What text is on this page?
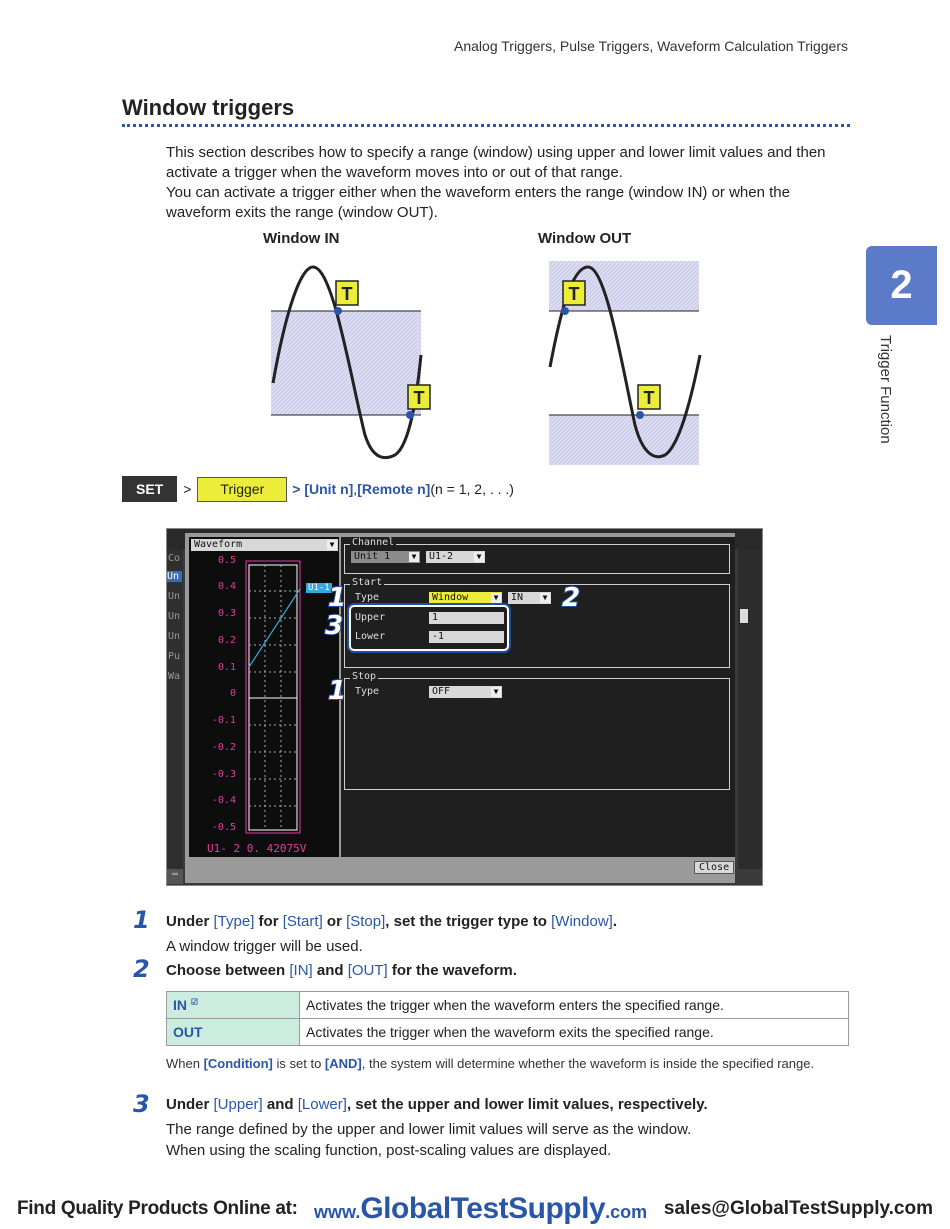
Analog Triggers, Pulse Triggers, Waveform Calculation Triggers
Window triggers
This section describes how to specify a range (window) using upper and lower limit values and then
activate a trigger when the waveform moves into or out of that range.
You can activate a trigger either when the waveform enters the range (window IN) or when the
waveform exits the range (window OUT).
2
Trigger Function
Window IN	Window OUT
T
T
T
T
SET	>	Trigger	> [Unit n] , [Remote n] (n = 1, 2, . . .)
Co
Un
Un
Un
Un
Pu
Wa
Waveform	▼
0.5
0.4
0.3
0.2
0.1
0
-0.1
-0.2
-0.3
-0.4
-0.5
U1-1
U1- 2 0. 42075V
Channel
Unit 1	▼	U1-2	▼
Start
Type	Window	▼	IN	▼
Upper	1
Lower	-1
Stop
Type	OFF	▼
1	2
3
1
Close
▭
1 Under [Type] for [Start] or [Stop], set the trigger type to [Window].
A window trigger will be used.
2 Choose between [IN] and [OUT] for the waveform.
IN ☑	Activates the trigger when the waveform enters the specified range.
OUT	Activates the trigger when the waveform exits the specified range.
When [Condition] is set to [AND], the system will determine whether the waveform is inside the specified range.
3 Under [Upper] and [Lower], set the upper and lower limit values, respectively.
The range defined by the upper and lower limit values will serve as the window.
When using the scaling function, post-scaling values are displayed.
Find Quality Products Online at: www.GlobalTestSupply.com sales@GlobalTestSupply.com
